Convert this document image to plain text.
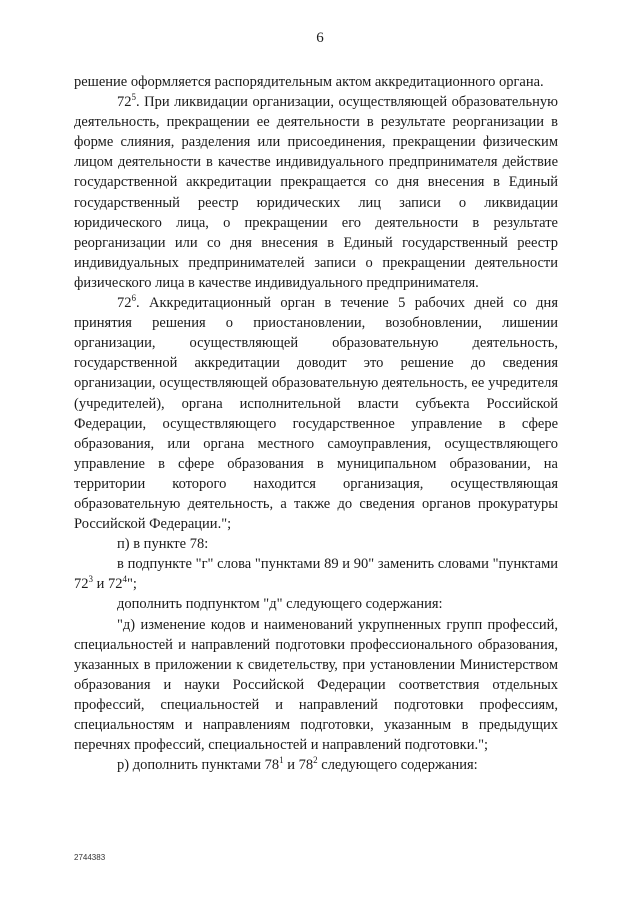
6

решение оформляется распорядительным актом аккредитационного органа.

$72^5$. При ликвидации организации, осуществляющей образовательную деятельность, прекращении ее деятельности в результате реорганизации в форме слияния, разделения или присоединения, прекращении физическим лицом деятельности в качестве индивидуального предпринимателя действие государственной аккредитации прекращается со дня внесения в Единый государственный реестр юридических лиц записи о ликвидации юридического лица, о прекращении его деятельности в результате реорганизации или со дня внесения в Единый государственный реестр индивидуальных предпринимателей записи о прекращении деятельности физического лица в качестве индивидуального предпринимателя.

$72^6$. Аккредитационный орган в течение 5 рабочих дней со дня принятия решения о приостановлении, возобновлении, лишении организации, осуществляющей образовательную деятельность, государственной аккредитации доводит это решение до сведения организации, осуществляющей образовательную деятельность, ее учредителя (учредителей), органа исполнительной власти субъекта Российской Федерации, осуществляющего государственное управление в сфере образования, или органа местного самоуправления, осуществляющего управление в сфере образования в муниципальном образовании, на территории которого находится организация, осуществляющая образовательную деятельность, а также до сведения органов прокуратуры Российской Федерации.";

п) в пункте 78:

в подпункте "г" слова "пунктами 89 и 90" заменить словами "пунктами $72^3$ и $72^4$";

дополнить подпунктом "д" следующего содержания:

"д) изменение кодов и наименований укрупненных групп профессий, специальностей и направлений подготовки профессионального образования, указанных в приложении к свидетельству, при установлении Министерством образования и науки Российской Федерации соответствия отдельных профессий, специальностей и направлений подготовки профессиям, специальностям и направлениям подготовки, указанным в предыдущих перечнях профессий, специальностей и направлений подготовки.";

р) дополнить пунктами $78^1$ и $78^2$ следующего содержания:

2744383
